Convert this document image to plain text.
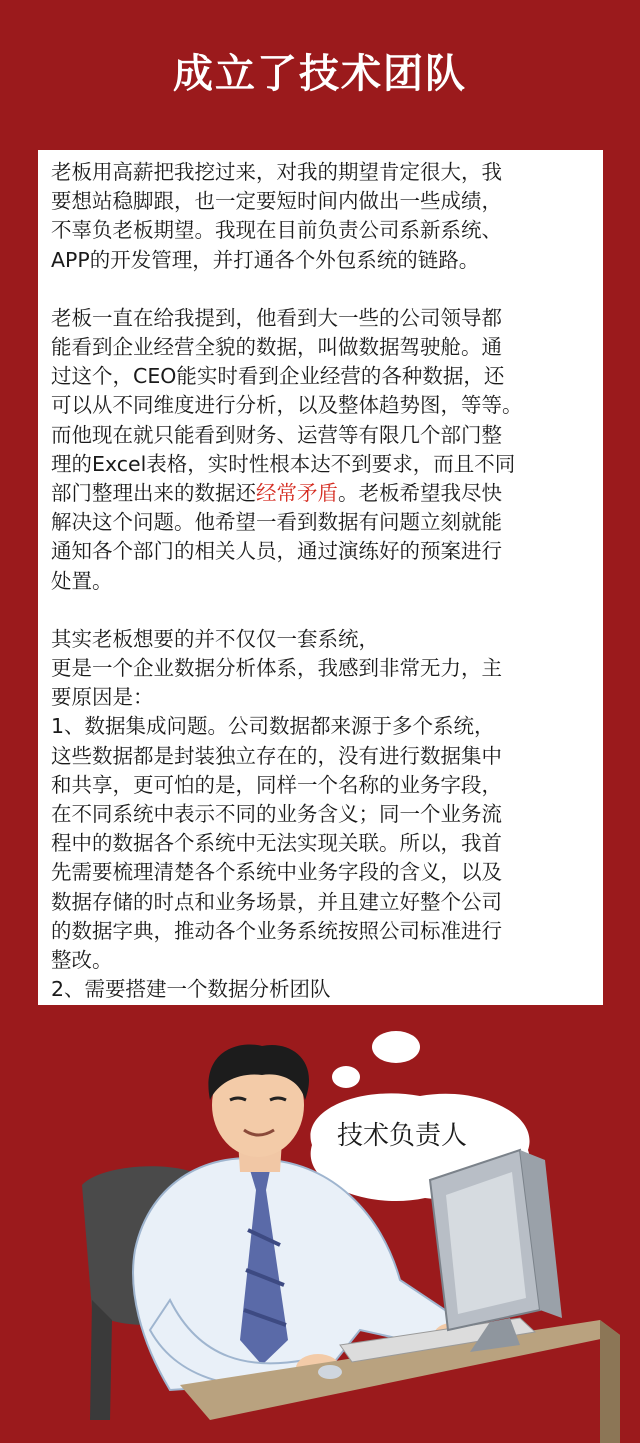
成立了技术团队

老板用高薪把我挖过来，对我的期望肯定很大，我
要想站稳脚跟，也一定要短时间内做出一些成绩，
不辜负老板期望。我现在目前负责公司系新系统、
APP的开发管理，并打通各个外包系统的链路。

老板一直在给我提到，他看到大一些的公司领导都
能看到企业经营全貌的数据，叫做数据驾驶舱。通
过这个，CEO能实时看到企业经营的各种数据，还
可以从不同维度进行分析，以及整体趋势图，等等。
而他现在就只能看到财务、运营等有限几个部门整
理的Excel表格，实时性根本达不到要求，而且不同
部门整理出来的数据还经常矛盾。老板希望我尽快
解决这个问题。他希望一看到数据有问题立刻就能
通知各个部门的相关人员，通过演练好的预案进行
处置。

其实老板想要的并不仅仅一套系统，
更是一个企业数据分析体系，我感到非常无力，主
要原因是：
1、数据集成问题。公司数据都来源于多个系统，
这些数据都是封装独立存在的，没有进行数据集中
和共享，更可怕的是，同样一个名称的业务字段，
在不同系统中表示不同的业务含义；同一个业务流
程中的数据各个系统中无法实现关联。所以，我首
先需要梳理清楚各个系统中业务字段的含义，以及
数据存储的时点和业务场景，并且建立好整个公司
的数据字典，推动各个业务系统按照公司标准进行
整改。
2、需要搭建一个数据分析团队

技术负责人
